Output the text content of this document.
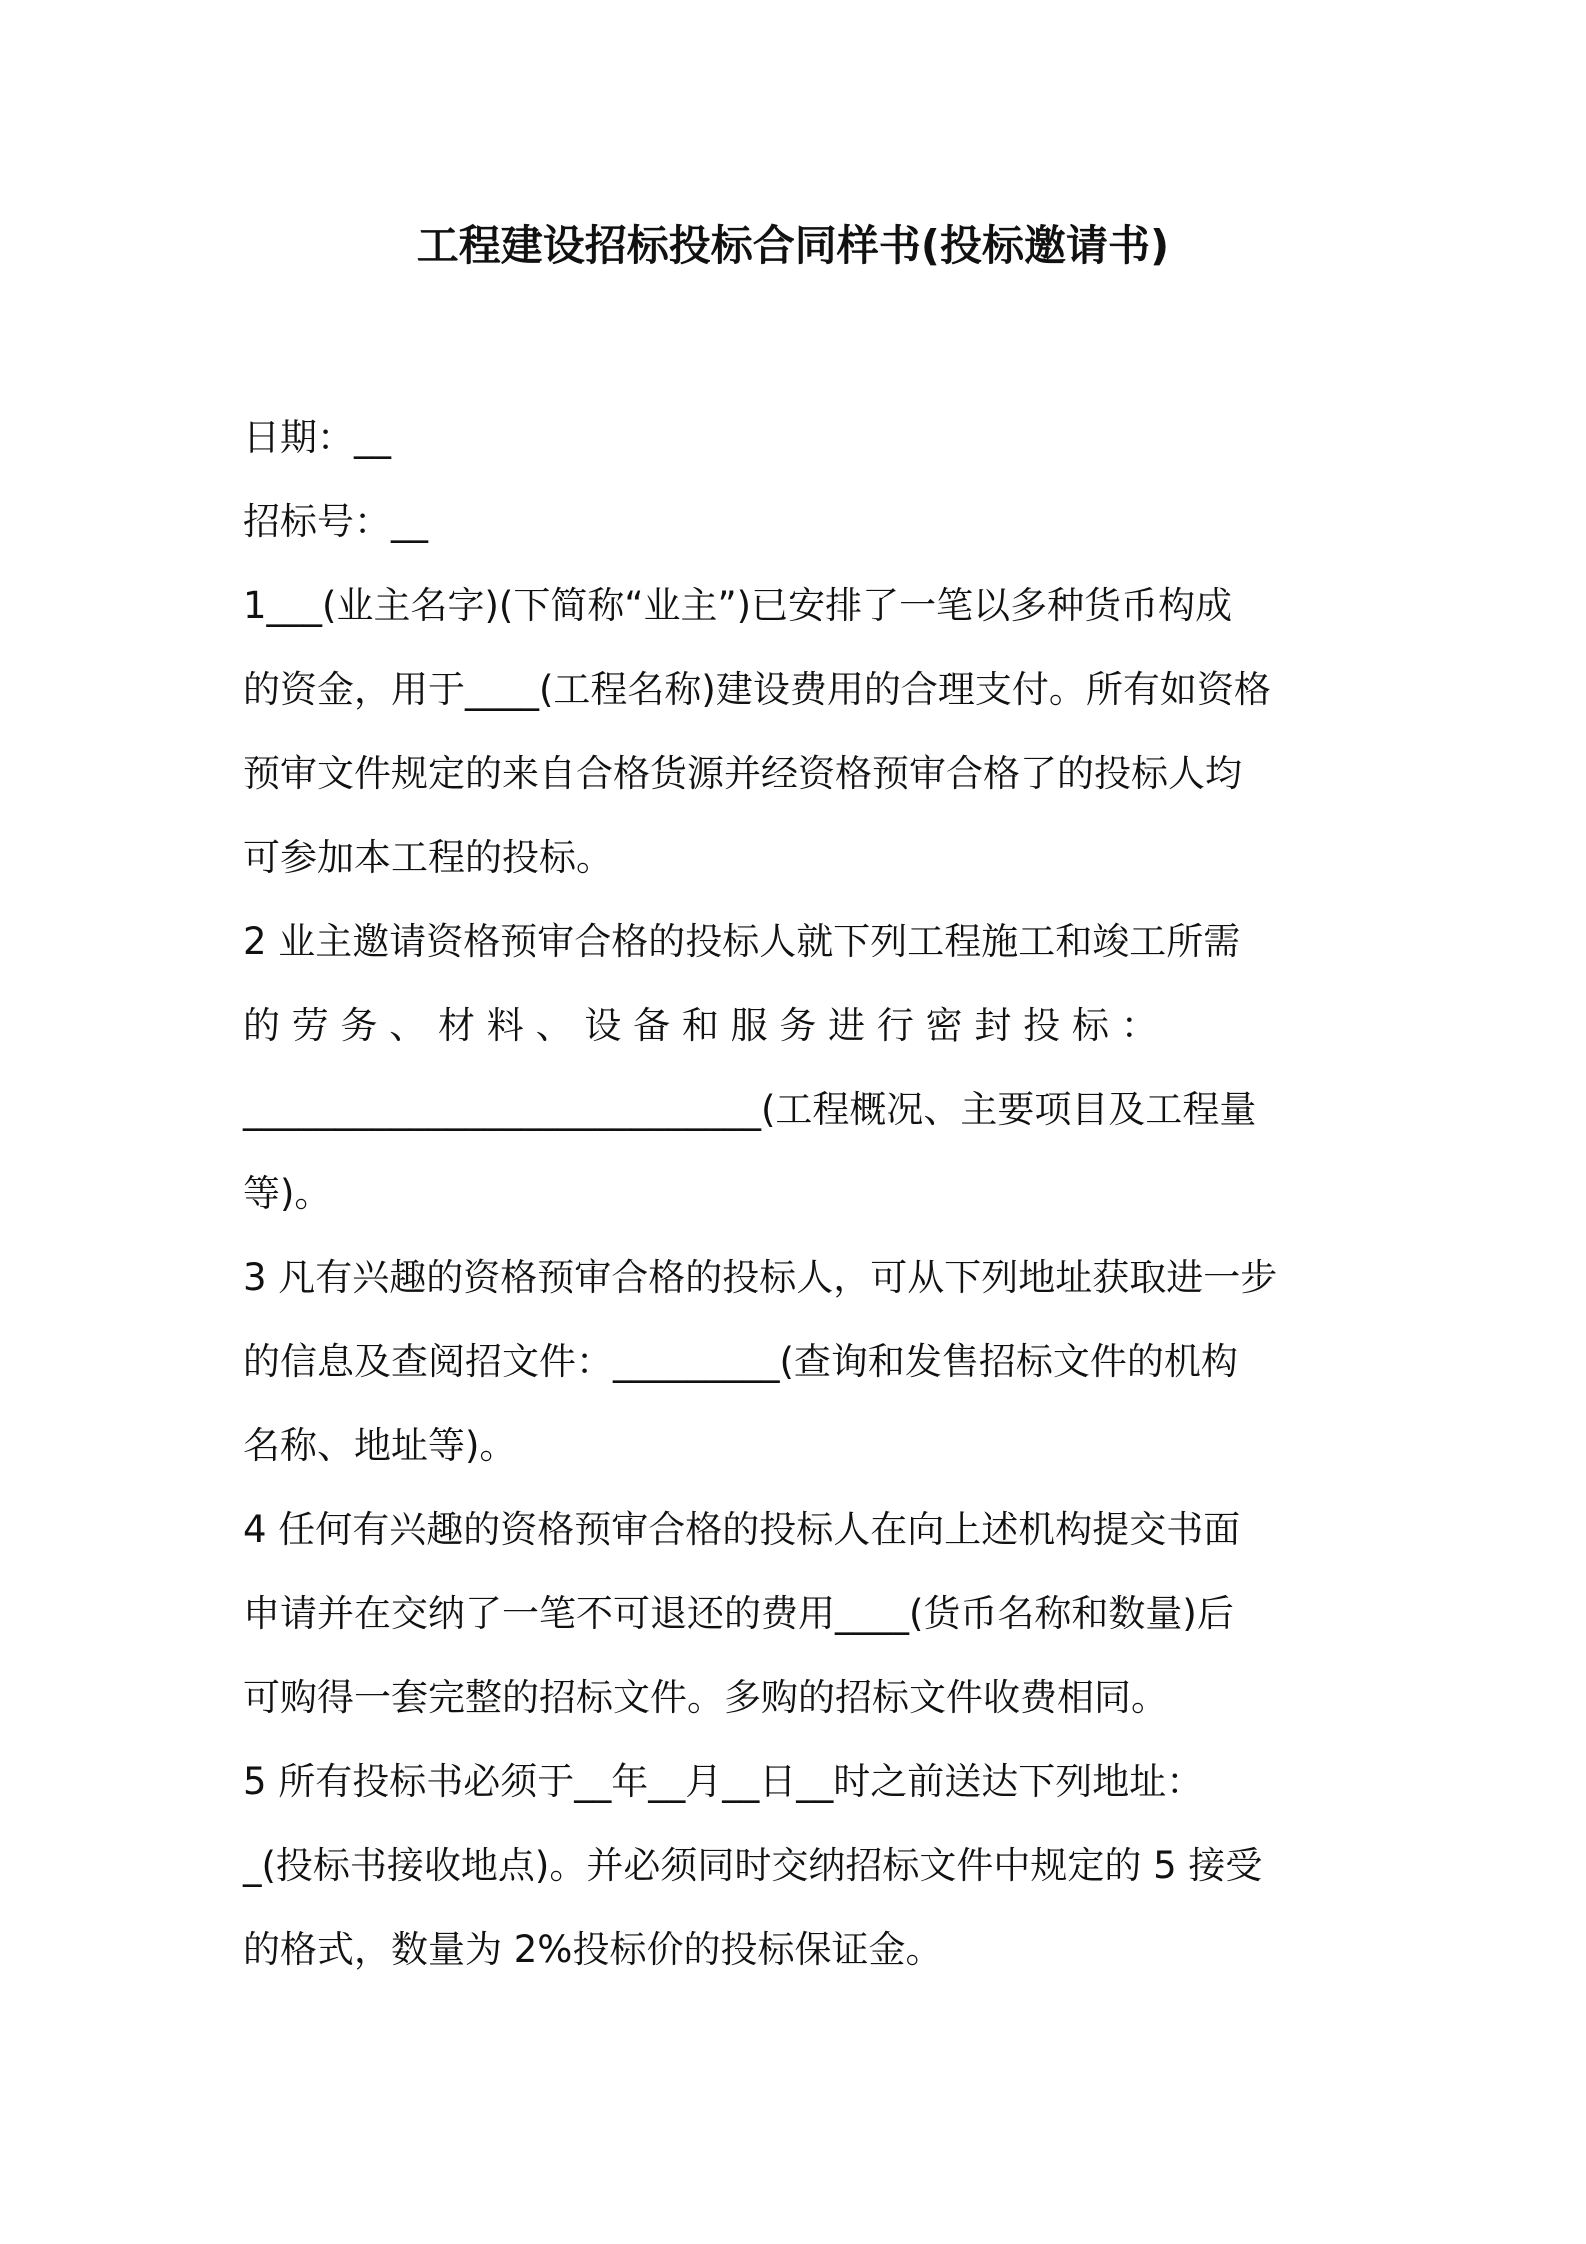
工程建设招标投标合同样书(投标邀请书)
日期：__
招标号：__
1___(业主名字)(下简称“业主”)已安排了一笔以多种货币构成
的资金，用于____(工程名称)建设费用的合理支付。所有如资格
预审文件规定的来自合格货源并经资格预审合格了的投标人均
可参加本工程的投标。
2 业主邀请资格预审合格的投标人就下列工程施工和竣工所需
的 劳 务 、 材 料 、 设 备 和 服 务 进 行 密 封 投 标 ：
____________________________(工程概况、主要项目及工程量
等)。
3 凡有兴趣的资格预审合格的投标人，可从下列地址获取进一步
的信息及查阅招文件：_________(查询和发售招标文件的机构
名称、地址等)。
4 任何有兴趣的资格预审合格的投标人在向上述机构提交书面
申请并在交纳了一笔不可退还的费用____(货币名称和数量)后
可购得一套完整的招标文件。多购的招标文件收费相同。
5 所有投标书必须于__年__月__日__时之前送达下列地址：
_(投标书接收地点)。并必须同时交纳招标文件中规定的 5 接受
的格式，数量为 2%投标价的投标保证金。
